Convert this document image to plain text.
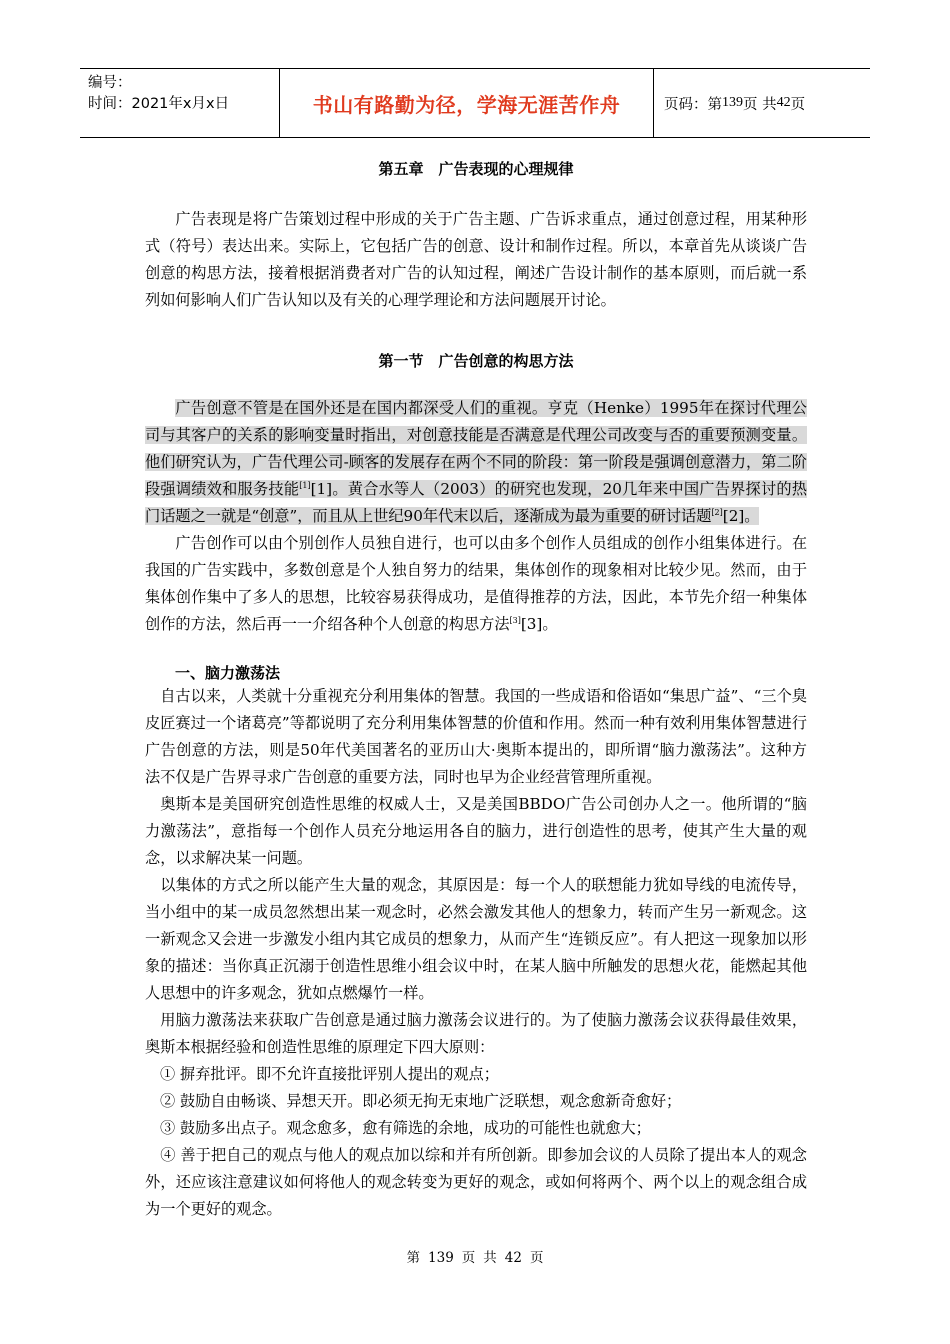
编号：
时间：2021年x月x日	书山有路勤为径，学海无涯苦作舟	页码：第 139 页 共 42 页
第五章　广告表现的心理规律

广告表现是将广告策划过程中形成的关于广告主题、广告诉求重点，通过创意过程，用某种形式（符号）表达出来。实际上，它包括广告的创意、设计和制作过程。所以，本章首先从谈谈广告创意的构思方法，接着根据消费者对广告的认知过程，阐述广告设计制作的基本原则，而后就一系列如何影响人们广告认知以及有关的心理学理论和方法问题展开讨论。

第一节　广告创意的构思方法

广告创意不管是在国外还是在国内都深受人们的重视。亨克（Henke）1995年在探讨代理公司与其客户的关系的影响变量时指出，对创意技能是否满意是代理公司改变与否的重要预测变量。他们研究认为，广告代理公司-顾客的发展存在两个不同的阶段：第一阶段是强调创意潜力，第二阶段强调绩效和服务技能[1][1]。黄合水等人（2003）的研究也发现，20几年来中国广告界探讨的热门话题之一就是“创意”，而且从上世纪90年代末以后，逐渐成为最为重要的研讨话题[2][2]。

广告创作可以由个别创作人员独自进行，也可以由多个创作人员组成的创作小组集体进行。在我国的广告实践中，多数创意是个人独自努力的结果，集体创作的现象相对比较少见。然而，由于集体创作集中了多人的思想，比较容易获得成功，是值得推荐的方法，因此，本节先介绍一种集体创作的方法，然后再一一介绍各种个人创意的构思方法[3][3]。

一、脑力激荡法

自古以来，人类就十分重视充分利用集体的智慧。我国的一些成语和俗语如“集思广益”、“三个臭皮匠赛过一个诸葛亮”等都说明了充分利用集体智慧的价值和作用。然而一种有效利用集体智慧进行广告创意的方法，则是50年代美国著名的亚历山大·奥斯本提出的，即所谓“脑力激荡法”。这种方法不仅是广告界寻求广告创意的重要方法，同时也早为企业经营管理所重视。

奥斯本是美国研究创造性思维的权威人士，又是美国BBDO广告公司创办人之一。他所谓的“脑力激荡法”，意指每一个创作人员充分地运用各自的脑力，进行创造性的思考，使其产生大量的观念，以求解决某一问题。

以集体的方式之所以能产生大量的观念，其原因是：每一个人的联想能力犹如导线的电流传导，当小组中的某一成员忽然想出某一观念时，必然会激发其他人的想象力，转而产生另一新观念。这一新观念又会进一步激发小组内其它成员的想象力，从而产生“连锁反应”。有人把这一现象加以形象的描述：当你真正沉溺于创造性思维小组会议中时，在某人脑中所触发的思想火花，能燃起其他人思想中的许多观念，犹如点燃爆竹一样。

用脑力激荡法来获取广告创意是通过脑力激荡会议进行的。为了使脑力激荡会议获得最佳效果，奥斯本根据经验和创造性思维的原理定下四大原则：

① 摒弃批评。即不允许直接批评别人提出的观点；

② 鼓励自由畅谈、异想天开。即必须无拘无束地广泛联想，观念愈新奇愈好；

③ 鼓励多出点子。观念愈多，愈有筛选的余地，成功的可能性也就愈大；

④ 善于把自己的观点与他人的观点加以综和并有所创新。即参加会议的人员除了提出本人的观念外，还应该注意建议如何将他人的观念转变为更好的观念，或如何将两个、两个以上的观念组合成为一个更好的观念。

第 139 页 共 42 页
